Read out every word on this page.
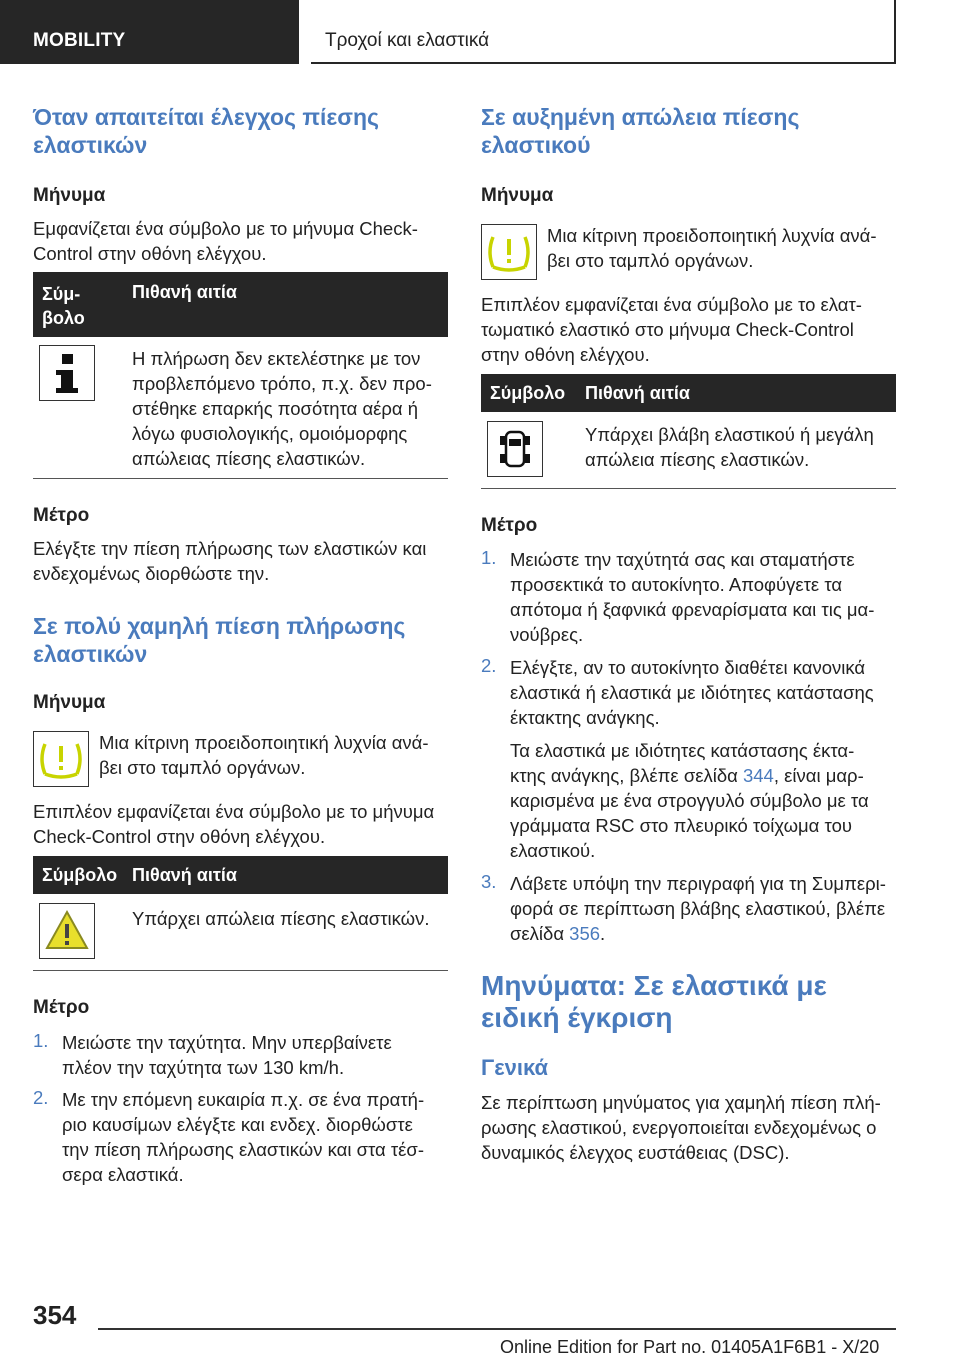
MOBILITY	Τροχοί και ελαστικά
Όταν απαιτείται έλεγχος πίεσης
ελαστικών
Μήνυμα
Εμφανίζεται ένα σύμβολο με το μήνυμα Check-
Control στην οθόνη ελέγχου.
Σύμ-
βολο
Πιθανή αιτία
Η πλήρωση δεν εκτελέστηκε με τον
προβλεπόμενο τρόπο, π.χ. δεν προ-
στέθηκε επαρκής ποσότητα αέρα ή
λόγω φυσιολογικής, ομοιόμορφης
απώλειας πίεσης ελαστικών.
Μέτρο
Ελέγξτε την πίεση πλήρωσης των ελαστικών και
ενδεχομένως διορθώστε την.
Σε πολύ χαμηλή πίεση πλήρωσης
ελαστικών
Μήνυμα
Μια κίτρινη προειδοποιητική λυχνία ανά-
βει στο ταμπλό οργάνων.
Επιπλέον εμφανίζεται ένα σύμβολο με το μήνυμα
Check-Control στην οθόνη ελέγχου.
Σύμβολο Πιθανή αιτία
Υπάρχει απώλεια πίεσης ελαστικών.
Μέτρο
1. Μειώστε την ταχύτητα. Μην υπερβαίνετε
πλέον την ταχύτητα των 130 km/h.
2. Με την επόμενη ευκαιρία π.χ. σε ένα πρατή-
ριο καυσίμων ελέγξτε και ενδεχ. διορθώστε
την πίεση πλήρωσης ελαστικών και στα τέσ-
σερα ελαστικά.
Σε αυξημένη απώλεια πίεσης
ελαστικού
Μήνυμα
Μια κίτρινη προειδοποιητική λυχνία ανά-
βει στο ταμπλό οργάνων.
Επιπλέον εμφανίζεται ένα σύμβολο με το ελατ-
τωματικό ελαστικό στο μήνυμα Check-Control
στην οθόνη ελέγχου.
Σύμβολο Πιθανή αιτία
Υπάρχει βλάβη ελαστικού ή μεγάλη
απώλεια πίεσης ελαστικών.
Μέτρο
1. Μειώστε την ταχύτητά σας και σταματήστε
προσεκτικά το αυτοκίνητο. Αποφύγετε τα
απότομα ή ξαφνικά φρεναρίσματα και τις μα-
νούβρες.
2. Ελέγξτε, αν το αυτοκίνητο διαθέτει κανονικά
ελαστικά ή ελαστικά με ιδιότητες κατάστασης
έκτακτης ανάγκης.
Τα ελαστικά με ιδιότητες κατάστασης έκτα-
κτης ανάγκης, βλέπε σελίδα 344, είναι μαρ-
καρισμένα με ένα στρογγυλό σύμβολο με τα
γράμματα RSC στο πλευρικό τοίχωμα του
ελαστικού.
3. Λάβετε υπόψη την περιγραφή για τη Συμπερι-
φορά σε περίπτωση βλάβης ελαστικού, βλέπε
σελίδα 356.
Μηνύματα: Σε ελαστικά με
ειδική έγκριση
Γενικά
Σε περίπτωση μηνύματος για χαμηλή πίεση πλή-
ρωσης ελαστικού, ενεργοποιείται ενδεχομένως ο
δυναμικός έλεγχος ευστάθειας (DSC).
354
Online Edition for Part no. 01405A1F6B1 - X/20
